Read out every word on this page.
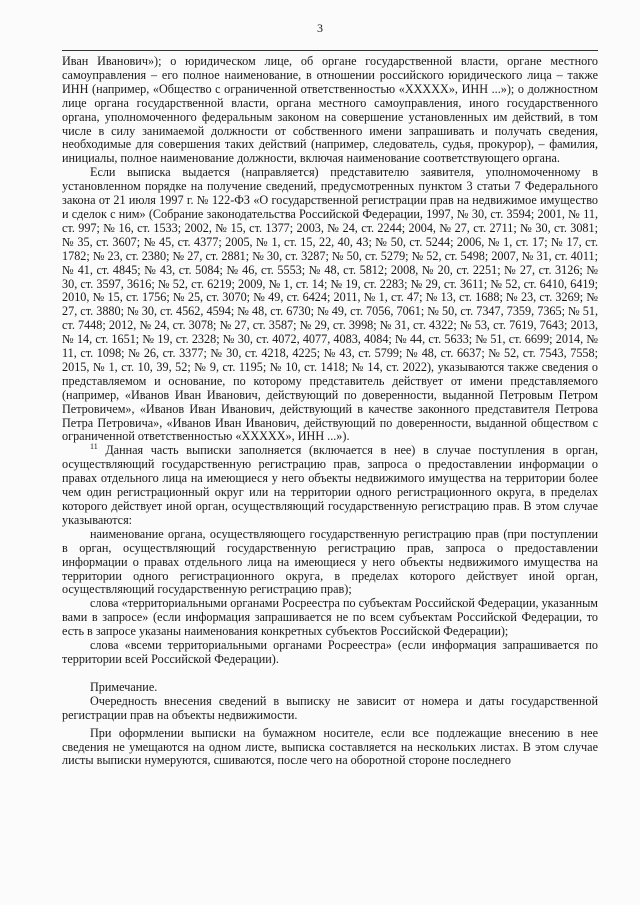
3

Иван Иванович»); о юридическом лице, об органе государственной власти, органе местного самоуправления – его полное наименование, в отношении российского юридического лица – также ИНН (например, «Общество с ограниченной ответственностью «ХХХХХ», ИНН ...»); о должностном лице органа государственной власти, органа местного самоуправления, иного государственного органа, уполномоченного федеральным законом на совершение установленных им действий, в том числе в силу занимаемой должности от собственного имени запрашивать и получать сведения, необходимые для совершения таких действий (например, следователь, судья, прокурор), – фамилия, инициалы, полное наименование должности, включая наименование соответствующего органа.

Если выписка выдается (направляется) представителю заявителя, уполномоченному в установленном порядке на получение сведений, предусмотренных пунктом 3 статьи 7 Федерального закона от 21 июля 1997 г. № 122-ФЗ «О государственной регистрации прав на недвижимое имущество и сделок с ним» (Собрание законодательства Российской Федерации, 1997, № 30, ст. 3594; 2001, № 11, ст. 997; № 16, ст. 1533; 2002, № 15, ст. 1377; 2003, № 24, ст. 2244; 2004, № 27, ст. 2711; № 30, ст. 3081; № 35, ст. 3607; № 45, ст. 4377; 2005, № 1, ст. 15, 22, 40, 43; № 50, ст. 5244; 2006, № 1, ст. 17; № 17, ст. 1782; № 23, ст. 2380; № 27, ст. 2881; № 30, ст. 3287; № 50, ст. 5279; № 52, ст. 5498; 2007, № 31, ст. 4011; № 41, ст. 4845; № 43, ст. 5084; № 46, ст. 5553; № 48, ст. 5812; 2008, № 20, ст. 2251; № 27, ст. 3126; № 30, ст. 3597, 3616; № 52, ст. 6219; 2009, № 1, ст. 14; № 19, ст. 2283; № 29, ст. 3611; № 52, ст. 6410, 6419; 2010, № 15, ст. 1756; № 25, ст. 3070; № 49, ст. 6424; 2011, № 1, ст. 47; № 13, ст. 1688; № 23, ст. 3269; № 27, ст. 3880; № 30, ст. 4562, 4594; № 48, ст. 6730; № 49, ст. 7056, 7061; № 50, ст. 7347, 7359, 7365; № 51, ст. 7448; 2012, № 24, ст. 3078; № 27, ст. 3587; № 29, ст. 3998; № 31, ст. 4322; № 53, ст. 7619, 7643; 2013, № 14, ст. 1651; № 19, ст. 2328; № 30, ст. 4072, 4077, 4083, 4084; № 44, ст. 5633; № 51, ст. 6699; 2014, № 11, ст. 1098; № 26, ст. 3377; № 30, ст. 4218, 4225; № 43, ст. 5799; № 48, ст. 6637; № 52, ст. 7543, 7558; 2015, № 1, ст. 10, 39, 52; № 9, ст. 1195; № 10, ст. 1418; № 14, ст. 2022), указываются также сведения о представляемом и основание, по которому представитель действует от имени представляемого (например, «Иванов Иван Иванович, действующий по доверенности, выданной Петровым Петром Петровичем», «Иванов Иван Иванович, действующий в качестве законного представителя Петрова Петра Петровича», «Иванов Иван Иванович, действующий по доверенности, выданной обществом с ограниченной ответственностью «ХХХХХ», ИНН ...»).

$^{11}$ Данная часть выписки заполняется (включается в нее) в случае поступления в орган, осуществляющий государственную регистрацию прав, запроса о предоставлении информации о правах отдельного лица на имеющиеся у него объекты недвижимого имущества на территории более чем один регистрационный округ или на территории одного регистрационного округа, в пределах которого действует иной орган, осуществляющий государственную регистрацию прав. В этом случае указываются:

наименование органа, осуществляющего государственную регистрацию прав (при поступлении в орган, осуществляющий государственную регистрацию прав, запроса о предоставлении информации о правах отдельного лица на имеющиеся у него объекты недвижимого имущества на территории одного регистрационного округа, в пределах которого действует иной орган, осуществляющий государственную регистрацию прав);

слова «территориальными органами Росреестра по субъектам Российской Федерации, указанным вами в запросе» (если информация запрашивается не по всем субъектам Российской Федерации, то есть в запросе указаны наименования конкретных субъектов Российской Федерации);

слова «всеми территориальными органами Росреестра» (если информация запрашивается по территории всей Российской Федерации).

Примечание.

Очередность внесения сведений в выписку не зависит от номера и даты государственной регистрации прав на объекты недвижимости.

При оформлении выписки на бумажном носителе, если все подлежащие внесению в нее сведения не умещаются на одном листе, выписка составляется на нескольких листах. В этом случае листы выписки нумеруются, сшиваются, после чего на оборотной стороне последнего
